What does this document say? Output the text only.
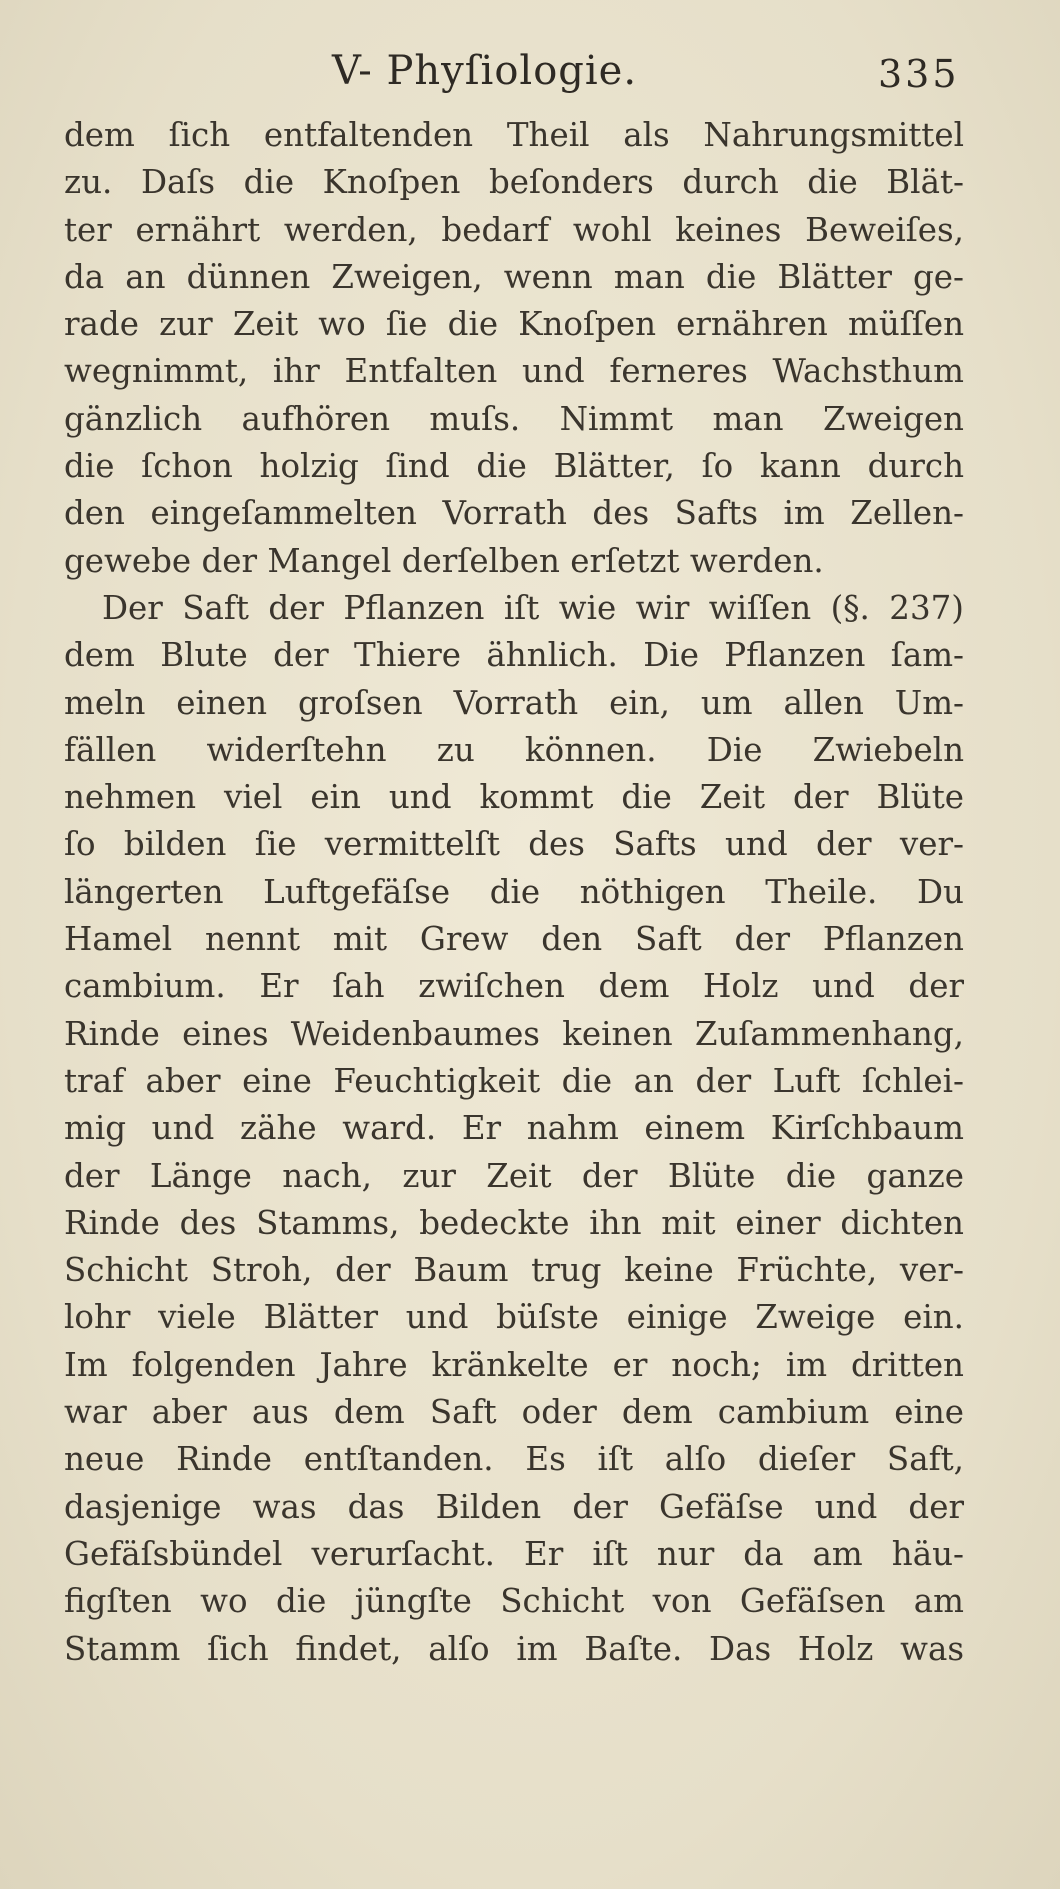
V- Phyſiologie.	335
dem ſich entfaltenden Theil als Nahrungsmittel
zu. Daſs die Knoſpen beſonders durch die Blät-
ter ernährt werden, bedarf wohl keines Beweiſes,
da an dünnen Zweigen, wenn man die Blätter ge-
rade zur Zeit wo ſie die Knoſpen ernähren müſſen
wegnimmt, ihr Entfalten und ferneres Wachsthum
gänzlich aufhören muſs. Nimmt man Zweigen
die ſchon holzig ſind die Blätter, ſo kann durch
den eingeſammelten Vorrath des Safts im Zellen-
gewebe der Mangel derſelben erſetzt werden.
Der Saft der Pflanzen iſt wie wir wiſſen (§. 237)
dem Blute der Thiere ähnlich. Die Pflanzen ſam-
meln einen groſsen Vorrath ein, um allen Um-
fällen widerſtehn zu können. Die Zwiebeln
nehmen viel ein und kommt die Zeit der Blüte
ſo bilden ſie vermittelſt des Safts und der ver-
längerten Luftgefäſse die nöthigen Theile. Du
Hamel nennt mit Grew den Saft der Pflanzen
cambium. Er ſah zwiſchen dem Holz und der
Rinde eines Weidenbaumes keinen Zuſammenhang,
traf aber eine Feuchtigkeit die an der Luft ſchlei-
mig und zähe ward. Er nahm einem Kirſchbaum
der Länge nach, zur Zeit der Blüte die ganze
Rinde des Stamms, bedeckte ihn mit einer dichten
Schicht Stroh, der Baum trug keine Früchte, ver-
lohr viele Blätter und büſste einige Zweige ein.
Im folgenden Jahre kränkelte er noch; im dritten
war aber aus dem Saft oder dem cambium eine
neue Rinde entſtanden. Es iſt alſo dieſer Saft,
dasjenige was das Bilden der Gefäſse und der
Gefäſsbündel verurſacht. Er iſt nur da am häu-
figſten wo die jüngſte Schicht von Gefäſsen am
Stamm ſich findet, alſo im Baſte. Das Holz was
